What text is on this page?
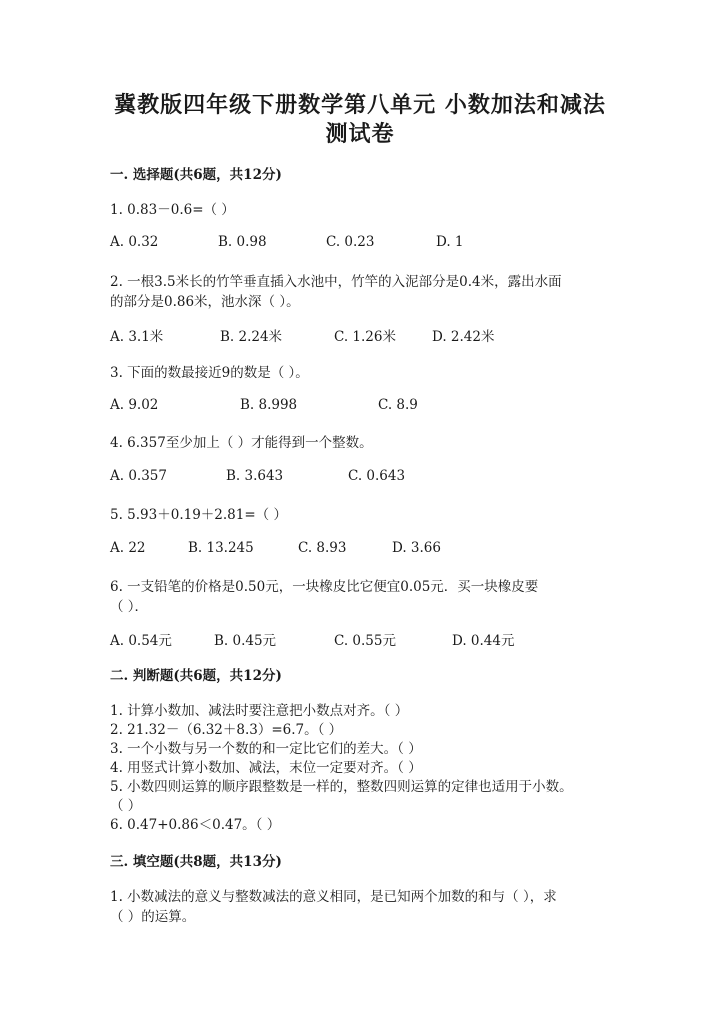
冀教版四年级下册数学第八单元 小数加法和减法
测试卷
一. 选择题(共6题，共12分)
1. 0.83－0.6=（ ）
A. 0.32	B. 0.98	C. 0.23	D. 1
2. 一根3.5米长的竹竿垂直插入水池中，竹竿的入泥部分是0.4米，露出水面
的部分是0.86米，池水深（ ）。
A. 3.1米	B. 2.24米	C. 1.26米	D. 2.42米
3. 下面的数最接近9的数是（ ）。
A. 9.02	B. 8.998	C. 8.9
4. 6.357至少加上（ ）才能得到一个整数。
A. 0.357	B. 3.643	C. 0.643
5. 5.93＋0.19＋2.81=（ ）
A. 22	B. 13.245	C. 8.93	D. 3.66
6. 一支铅笔的价格是0.50元，一块橡皮比它便宜0.05元．买一块橡皮要
（ ）．
A. 0.54元	B. 0.45元	C. 0.55元	D. 0.44元
二. 判断题(共6题，共12分)
1. 计算小数加、减法时要注意把小数点对齐。（ ）
2. 21.32－（6.32＋8.3）=6.7。（ ）
3. 一个小数与另一个数的和一定比它们的差大。（ ）
4. 用竖式计算小数加、减法，末位一定要对齐。（ ）
5. 小数四则运算的顺序跟整数是一样的，整数四则运算的定律也适用于小数。
（ ）
6. 0.47+0.86＜0.47。（ ）
三. 填空题(共8题，共13分)
1. 小数减法的意义与整数减法的意义相同，是已知两个加数的和与（ ），求
（ ）的运算。
